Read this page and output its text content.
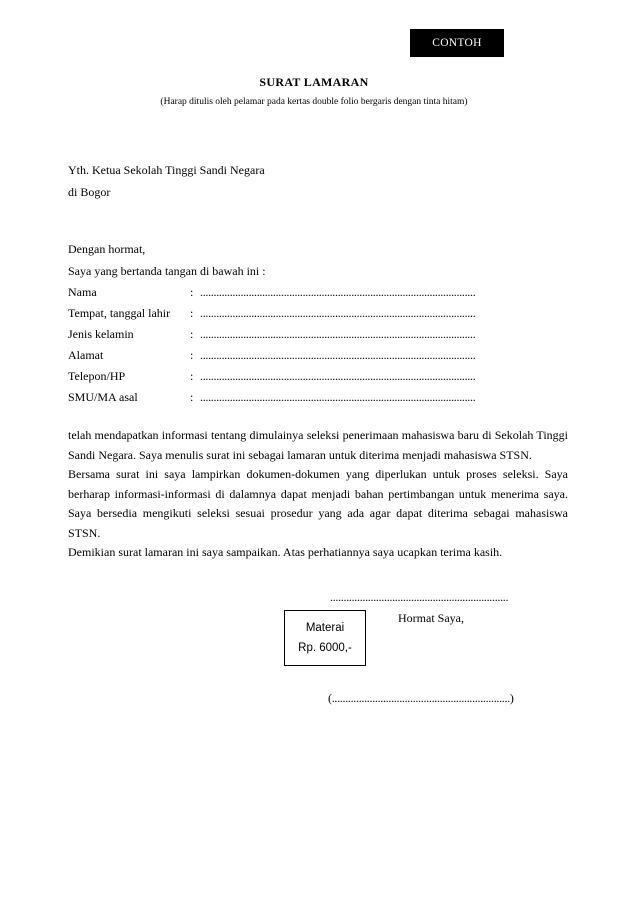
CONTOH
SURAT LAMARAN
(Harap ditulis oleh pelamar pada kertas double folio bergaris dengan tinta hitam)
Yth. Ketua Sekolah Tinggi Sandi Negara
di Bogor
Dengan hormat,
Saya yang bertanda tangan di bawah ini :
Nama	: ......................................................................................................
Tempat, tanggal lahir : ......................................................................................................
Jenis kelamin	: ......................................................................................................
Alamat	: ......................................................................................................
Telepon/HP	: ......................................................................................................
SMU/MA asal	: ......................................................................................................

telah mendapatkan informasi tentang dimulainya seleksi penerimaan mahasiswa baru di Sekolah Tinggi Sandi Negara. Saya menulis surat ini sebagai lamaran untuk diterima menjadi mahasiswa STSN.

Bersama surat ini saya lampirkan dokumen-dokumen yang diperlukan untuk proses seleksi. Saya berharap informasi-informasi di dalamnya dapat menjadi bahan pertimbangan untuk menerima saya. Saya bersedia mengikuti seleksi sesuai prosedur yang ada agar dapat diterima sebagai mahasiswa STSN.

Demikian surat lamaran ini saya sampaikan. Atas perhatiannya saya ucapkan terima kasih.

..................................................................
Hormat Saya,
Materai
Rp. 6000,-
(..................................................................)
